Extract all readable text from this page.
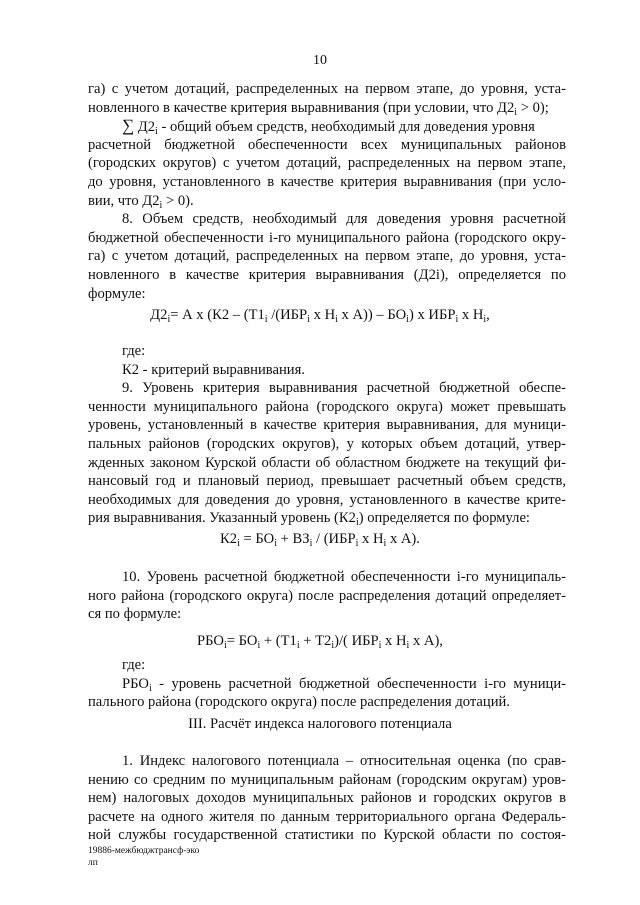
10
га) с учетом дотаций, распределенных на первом этапе, до уровня, уста-
новленного в качестве критерия выравнивания (при условии, что $Д2_i > 0$);
∑ $Д2_i$ - общий объем средств, необходимый для доведения уровня
расчетной бюджетной обеспеченности всех муниципальных районов
(городских округов) с учетом дотаций, распределенных на первом этапе,
до уровня, установленного в качестве критерия выравнивания (при усло-
вии, что $Д2_i > 0$).
8. Объем средств, необходимый для доведения уровня расчетной
бюджетной обеспеченности i-го муниципального района (городского окру-
га) с учетом дотаций, распределенных на первом этапе, до уровня, уста-
новленного в качестве критерия выравнивания (Д2i), определяется по
формуле:
$Д2_i= А$ х ($К2 - (Т1_i$ $/(ИБР_i$ х $Н_i$ х $А)) - БО_i$) х $ИБР_i$ х $Н_i$,
где:
К2 - критерий выравнивания.
9. Уровень критерия выравнивания расчетной бюджетной обеспе-
ченности муниципального района (городского округа) может превышать
уровень, установленный в качестве критерия выравнивания, для муници-
пальных районов (городских округов), у которых объем дотаций, утвер-
жденных законом Курской области об областном бюджете на текущий фи-
нансовый год и плановый период, превышает расчетный объем средств,
необходимых для доведения до уровня, установленного в качестве крите-
рия выравнивания. Указанный уровень $(К2_i)$ определяется по формуле:
$К2_i = БО_i + ВЗ_i / (ИБР_i$ х $Н_i$ х А).
10. Уровень расчетной бюджетной обеспеченности i-го муниципаль-
ного района (городского округа) после распределения дотаций определяет-
ся по формуле:
$РБО_i= БО_i + (Т1_i + Т2_i)/$( $ИБР_i$ х $Н_i$ х А),
где:
$РБО_i$ - уровень расчетной бюджетной обеспеченности i-го муници-
пального района (городского округа) после распределения дотаций.
III. Расчёт индекса налогового потенциала
1. Индекс налогового потенциала – относительная оценка (по срав-
нению со средним по муниципальным районам (городским округам) уров-
нем) налоговых доходов муниципальных районов и городских округов в
расчете на одного жителя по данным территориального органа Федераль-
ной службы государственной статистики по Курской области по состоя-
19886-межбюджтрансф-эко
лп
